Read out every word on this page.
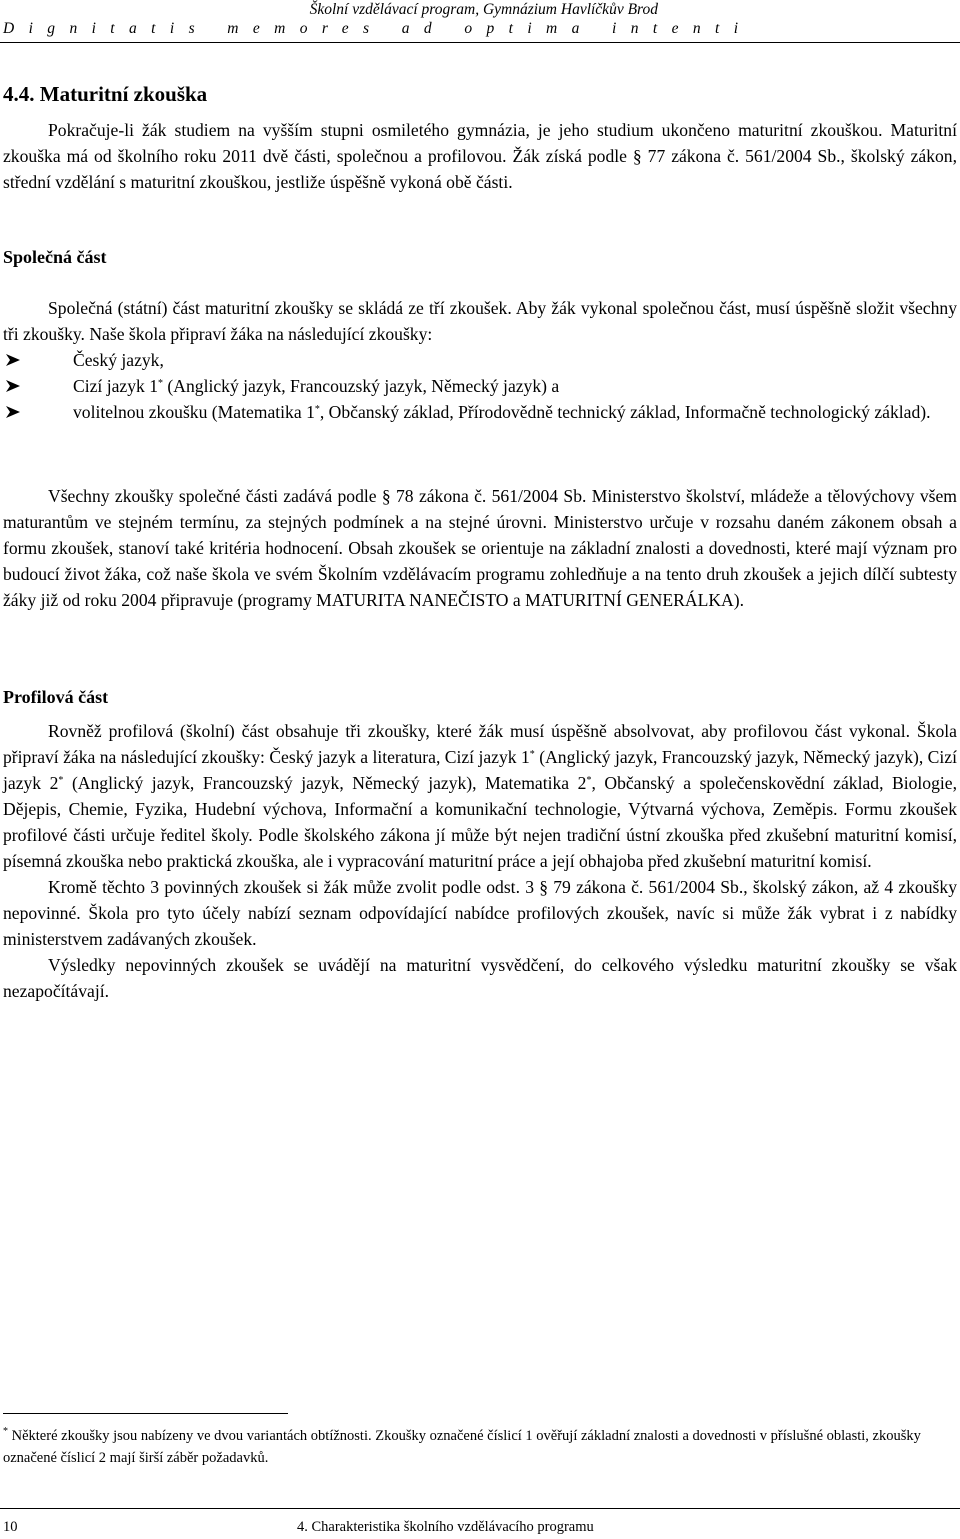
Školní vzdělávací program, Gymnázium Havlíčkův Brod
Dignitatis memores ad optima intenti
4.4. Maturitní zkouška

Pokračuje-li žák studiem na vyšším stupni osmiletého gymnázia, je jeho studium ukončeno maturitní zkouškou. Maturitní zkouška má od školního roku 2011 dvě části, společnou a profilovou. Žák získá podle § 77 zákona č. 561/2004 Sb., školský zákon, střední vzdělání s maturitní zkouškou, jestliže úspěšně vykoná obě části.

Společná část

Společná (státní) část maturitní zkoušky se skládá ze tří zkoušek. Aby žák vykonal společnou část, musí úspěšně složit všechny tři zkoušky. Naše škola připraví žáka na následující zkoušky:

Český jazyk,
Cizí jazyk 1* (Anglický jazyk, Francouzský jazyk, Německý jazyk) a
volitelnou zkoušku (Matematika 1*, Občanský základ, Přírodovědně technický základ, Informačně technologický základ).

Všechny zkoušky společné části zadává podle § 78 zákona č. 561/2004 Sb. Ministerstvo školství, mládeže a tělovýchovy všem maturantům ve stejném termínu, za stejných podmínek a na stejné úrovni. Ministerstvo určuje v rozsahu daném zákonem obsah a formu zkoušek, stanoví také kritéria hodnocení. Obsah zkoušek se orientuje na základní znalosti a dovednosti, které mají význam pro budoucí život žáka, což naše škola ve svém Školním vzdělávacím programu zohledňuje a na tento druh zkoušek a jejich dílčí subtesty žáky již od roku 2004 připravuje (programy MATURITA NANEČISTO a MATURITNÍ GENERÁLKA).

Profilová část

Rovněž profilová (školní) část obsahuje tři zkoušky, které žák musí úspěšně absolvovat, aby profilovou část vykonal. Škola připraví žáka na následující zkoušky: Český jazyk a literatura, Cizí jazyk 1* (Anglický jazyk, Francouzský jazyk, Německý jazyk), Cizí jazyk 2* (Anglický jazyk, Francouzský jazyk, Německý jazyk), Matematika 2*, Občanský a společenskovědní základ, Biologie, Dějepis, Chemie, Fyzika, Hudební výchova, Informační a komunikační technologie, Výtvarná výchova, Zeměpis. Formu zkoušek profilové části určuje ředitel školy. Podle školského zákona jí může být nejen tradiční ústní zkouška před zkušební maturitní komisí, písemná zkouška nebo praktická zkouška, ale i vypracování maturitní práce a její obhajoba před zkušební maturitní komisí.

Kromě těchto 3 povinných zkoušek si žák může zvolit podle odst. 3 § 79 zákona č. 561/2004 Sb., školský zákon, až 4 zkoušky nepovinné. Škola pro tyto účely nabízí seznam odpovídající nabídce profilových zkoušek, navíc si může žák vybrat i z nabídky ministerstvem zadávaných zkoušek.

Výsledky nepovinných zkoušek se uvádějí na maturitní vysvědčení, do celkového výsledku maturitní zkoušky se však nezapočítávají.

* Některé zkoušky jsou nabízeny ve dvou variantách obtížnosti. Zkoušky označené číslicí 1 ověřují základní znalosti a dovednosti v příslušné oblasti, zkoušky označené číslicí 2 mají širší záběr požadavků.
10	4. Charakteristika školního vzdělávacího programu
